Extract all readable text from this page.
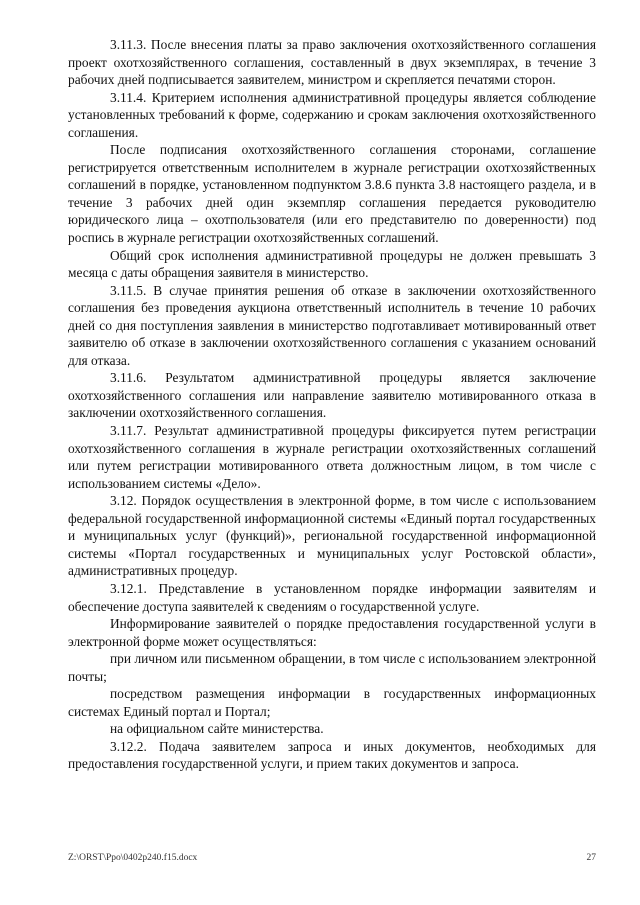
3.11.3. После внесения платы за право заключения охотхозяйственного соглашения проект охотхозяйственного соглашения, составленный в двух экземплярах, в течение 3 рабочих дней подписывается заявителем, министром и скрепляется печатями сторон.

3.11.4. Критерием исполнения административной процедуры является соблюдение установленных требований к форме, содержанию и срокам заключения охотхозяйственного соглашения.

После подписания охотхозяйственного соглашения сторонами, соглашение регистрируется ответственным исполнителем в журнале регистрации охотхозяйственных соглашений в порядке, установленном подпунктом 3.8.6 пункта 3.8 настоящего раздела, и в течение 3 рабочих дней один экземпляр соглашения передается руководителю юридического лица – охотпользователя (или его представителю по доверенности) под роспись в журнале регистрации охотхозяйственных соглашений.

Общий срок исполнения административной процедуры не должен превышать 3 месяца с даты обращения заявителя в министерство.

3.11.5. В случае принятия решения об отказе в заключении охотхозяйственного соглашения без проведения аукциона ответственный исполнитель в течение 10 рабочих дней со дня поступления заявления в министерство подготавливает мотивированный ответ заявителю об отказе в заключении охотхозяйственного соглашения с указанием оснований для отказа.

3.11.6. Результатом административной процедуры является заключение охотхозяйственного соглашения или направление заявителю мотивированного отказа в заключении охотхозяйственного соглашения.

3.11.7. Результат административной процедуры фиксируется путем регистрации охотхозяйственного соглашения в журнале регистрации охотхозяйственных соглашений или путем регистрации мотивированного ответа должностным лицом, в том числе с использованием системы «Дело».

3.12. Порядок осуществления в электронной форме, в том числе с использованием федеральной государственной информационной системы «Единый портал государственных и муниципальных услуг (функций)», региональной государственной информационной системы «Портал государственных и муниципальных услуг Ростовской области», административных процедур.

3.12.1. Представление в установленном порядке информации заявителям и обеспечение доступа заявителей к сведениям о государственной услуге.

Информирование заявителей о порядке предоставления государственной услуги в электронной форме может осуществляться:

при личном или письменном обращении, в том числе с использованием электронной почты;

посредством размещения информации в государственных информационных системах Единый портал и Портал;

на официальном сайте министерства.

3.12.2. Подача заявителем запроса и иных документов, необходимых для предоставления государственной услуги, и прием таких документов и запроса.

Z:\ORST\Ppo\0402p240.f15.docx	27
